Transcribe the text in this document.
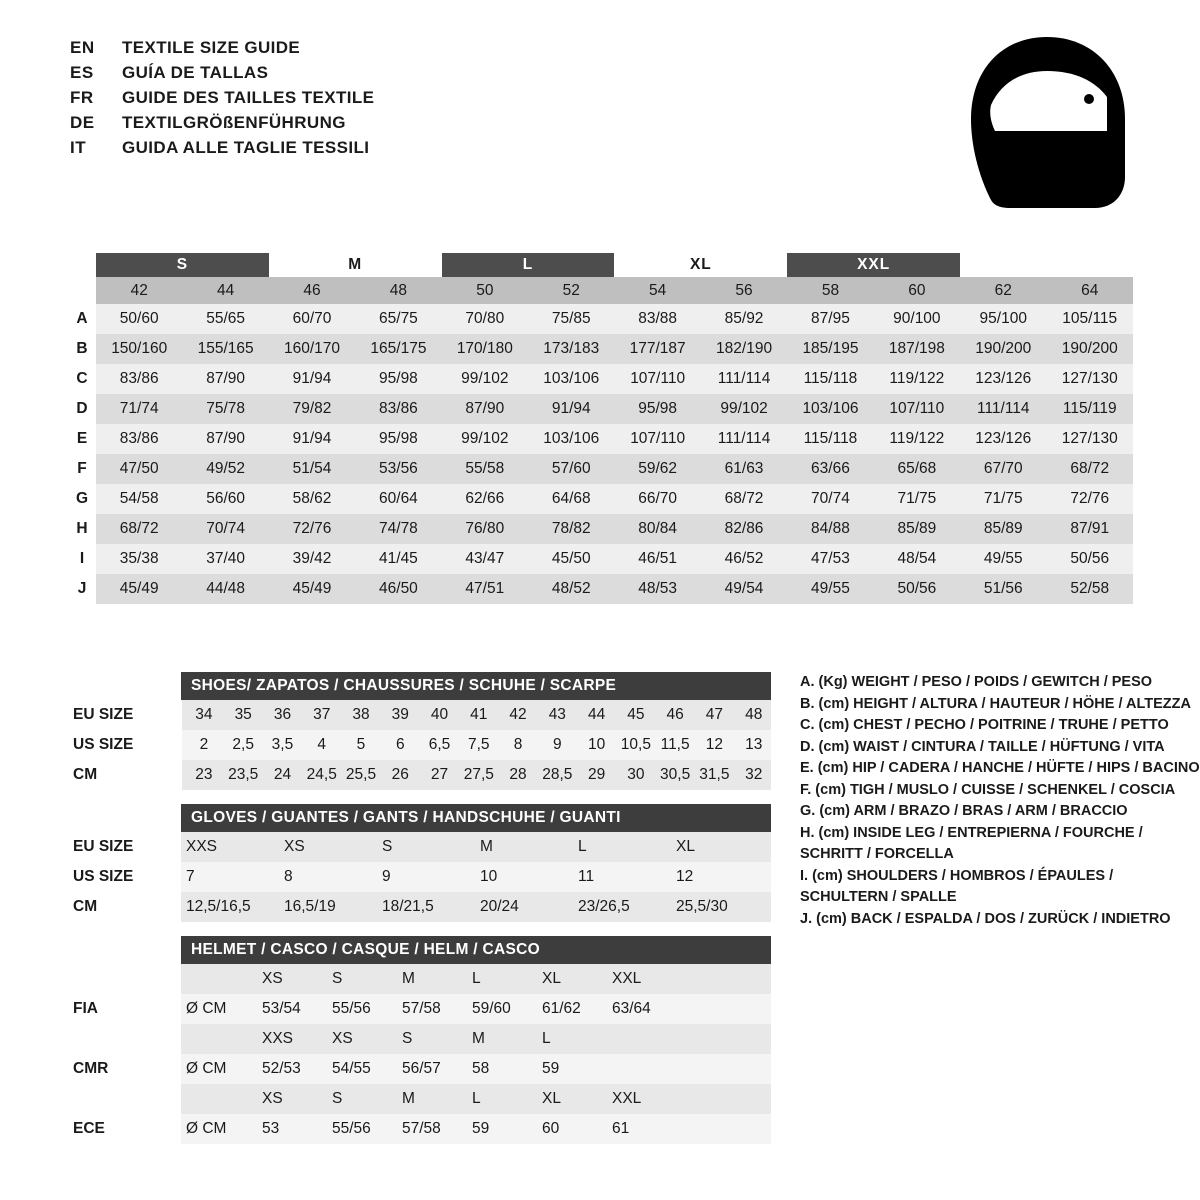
EN	TEXTILE SIZE GUIDE
ES	GUÍA DE TALLAS
FR	GUIDE DES TAILLES TEXTILE
DE	TEXTILGRÖßENFÜHRUNG
IT	GUIDA ALLE TAGLIE TESSILI
	S		M		L		XL		XXL			
	42	44	46	48	50	52	54	56	58	60	62	64
A	50/60	55/65	60/70	65/75	70/80	75/85	83/88	85/92	87/95	90/100	95/100	105/115
B	150/160	155/165	160/170	165/175	170/180	173/183	177/187	182/190	185/195	187/198	190/200	190/200
C	83/86	87/90	91/94	95/98	99/102	103/106	107/110	111/114	115/118	119/122	123/126	127/130
D	71/74	75/78	79/82	83/86	87/90	91/94	95/98	99/102	103/106	107/110	111/114	115/119
E	83/86	87/90	91/94	95/98	99/102	103/106	107/110	111/114	115/118	119/122	123/126	127/130
F	47/50	49/52	51/54	53/56	55/58	57/60	59/62	61/63	63/66	65/68	67/70	68/72
G	54/58	56/60	58/62	60/64	62/66	64/68	66/70	68/72	70/74	71/75	71/75	72/76
H	68/72	70/74	72/76	74/78	76/80	78/82	80/84	82/86	84/88	85/89	85/89	87/91
I	35/38	37/40	39/42	41/45	43/47	45/50	46/51	46/52	47/53	48/54	49/55	50/56
J	45/49	44/48	45/49	46/50	47/51	48/52	48/53	49/54	49/55	50/56	51/56	52/58
SHOES/ ZAPATOS / CHAUSSURES / SCHUHE / SCARPE
EU SIZE	34	35	36	37	38	39	40	41	42	43	44	45	46	47	48
US SIZE	2	2,5	3,5	4	5	6	6,5	7,5	8	9	10	10,5	11,5	12	13
CM	23	23,5	24	24,5	25,5	26	27	27,5	28	28,5	29	30	30,5	31,5	32
GLOVES / GUANTES / GANTS / HANDSCHUHE / GUANTI
EU SIZE	XXS	XS	S	M	L	XL
US SIZE	7	8	9	10	11	12
CM	12,5/16,5	16,5/19	18/21,5	20/24	23/26,5	25,5/30
HELMET / CASCO / CASQUE / HELM / CASCO
		XS	S	M	L	XL	XXL
FIA	Ø CM	53/54	55/56	57/58	59/60	61/62	63/64
		XXS	XS	S	M	L	
CMR	Ø CM	52/53	54/55	56/57	58	59	
		XS	S	M	L	XL	XXL
ECE	Ø CM	53	55/56	57/58	59	60	61
A. (Kg) WEIGHT / PESO / POIDS / GEWITCH / PESO
B. (cm) HEIGHT / ALTURA / HAUTEUR / HÖHE / ALTEZZA
C. (cm) CHEST / PECHO / POITRINE / TRUHE / PETTO
D. (cm) WAIST / CINTURA / TAILLE / HÜFTUNG / VITA
E. (cm) HIP / CADERA / HANCHE / HÜFTE / HIPS / BACINO
F. (cm) TIGH / MUSLO / CUISSE / SCHENKEL / COSCIA
G. (cm) ARM / BRAZO / BRAS / ARM / BRACCIO
H. (cm) INSIDE LEG / ENTREPIERNA / FOURCHE /
SCHRITT / FORCELLA
I. (cm) SHOULDERS / HOMBROS / ÉPAULES /
SCHULTERN / SPALLE
J. (cm) BACK / ESPALDA / DOS / ZURÜCK / INDIETRO
